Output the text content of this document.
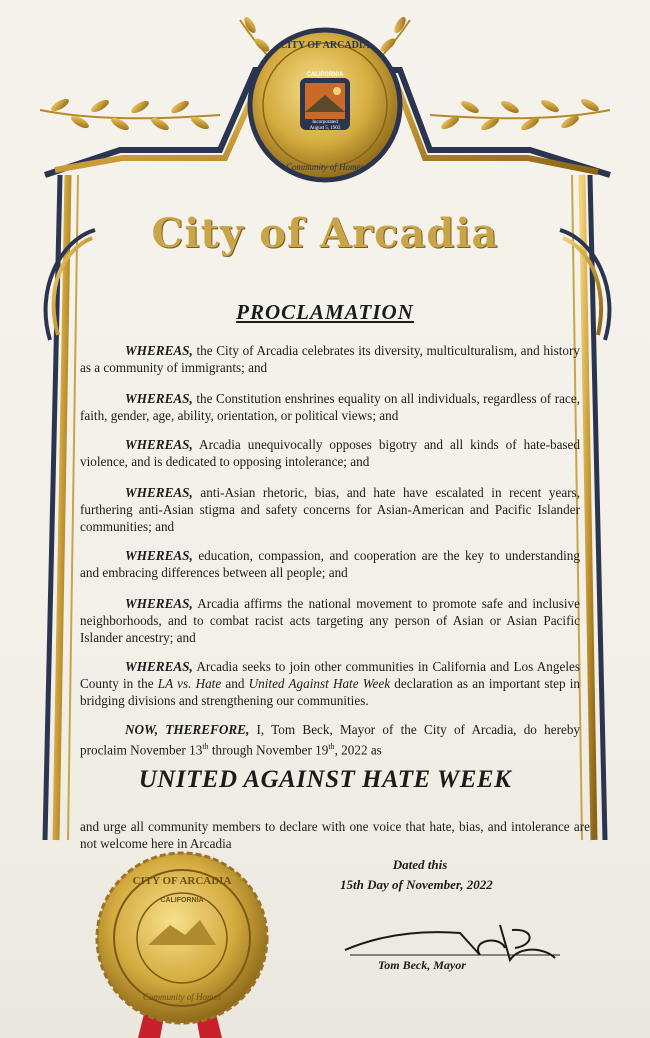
CITY OF ARCADIA
CALIFORNIA
Incorporated
August 5, 1903
Community of Homes
CITY OF ARCADIA
CALIFORNIA
Community of Homes
City of Arcadia
PROCLAMATION

WHEREAS, the City of Arcadia celebrates its diversity, multiculturalism, and history as a community of immigrants; and

WHEREAS, the Constitution enshrines equality on all individuals, regardless of race, faith, gender, age, ability, orientation, or political views; and

WHEREAS, Arcadia unequivocally opposes bigotry and all kinds of hate-based violence, and is dedicated to opposing intolerance; and

WHEREAS, anti-Asian rhetoric, bias, and hate have escalated in recent years, furthering anti-Asian stigma and safety concerns for Asian-American and Pacific Islander communities; and

WHEREAS, education, compassion, and cooperation are the key to understanding and embracing differences between all people; and

WHEREAS, Arcadia affirms the national movement to promote safe and inclusive neighborhoods, and to combat racist acts targeting any person of Asian or Asian Pacific Islander ancestry; and

WHEREAS, Arcadia seeks to join other communities in California and Los Angeles County in the LA vs. Hate and United Against Hate Week declaration as an important step in bridging divisions and strengthening our communities.

NOW, THEREFORE, I, Tom Beck, Mayor of the City of Arcadia, do hereby proclaim November 13th through November 19th, 2022 as

UNITED AGAINST HATE WEEK

and urge all community members to declare with one voice that hate, bias, and intolerance are not welcome here in Arcadia

Dated this
15th Day of November, 2022
Tom Beck, Mayor
